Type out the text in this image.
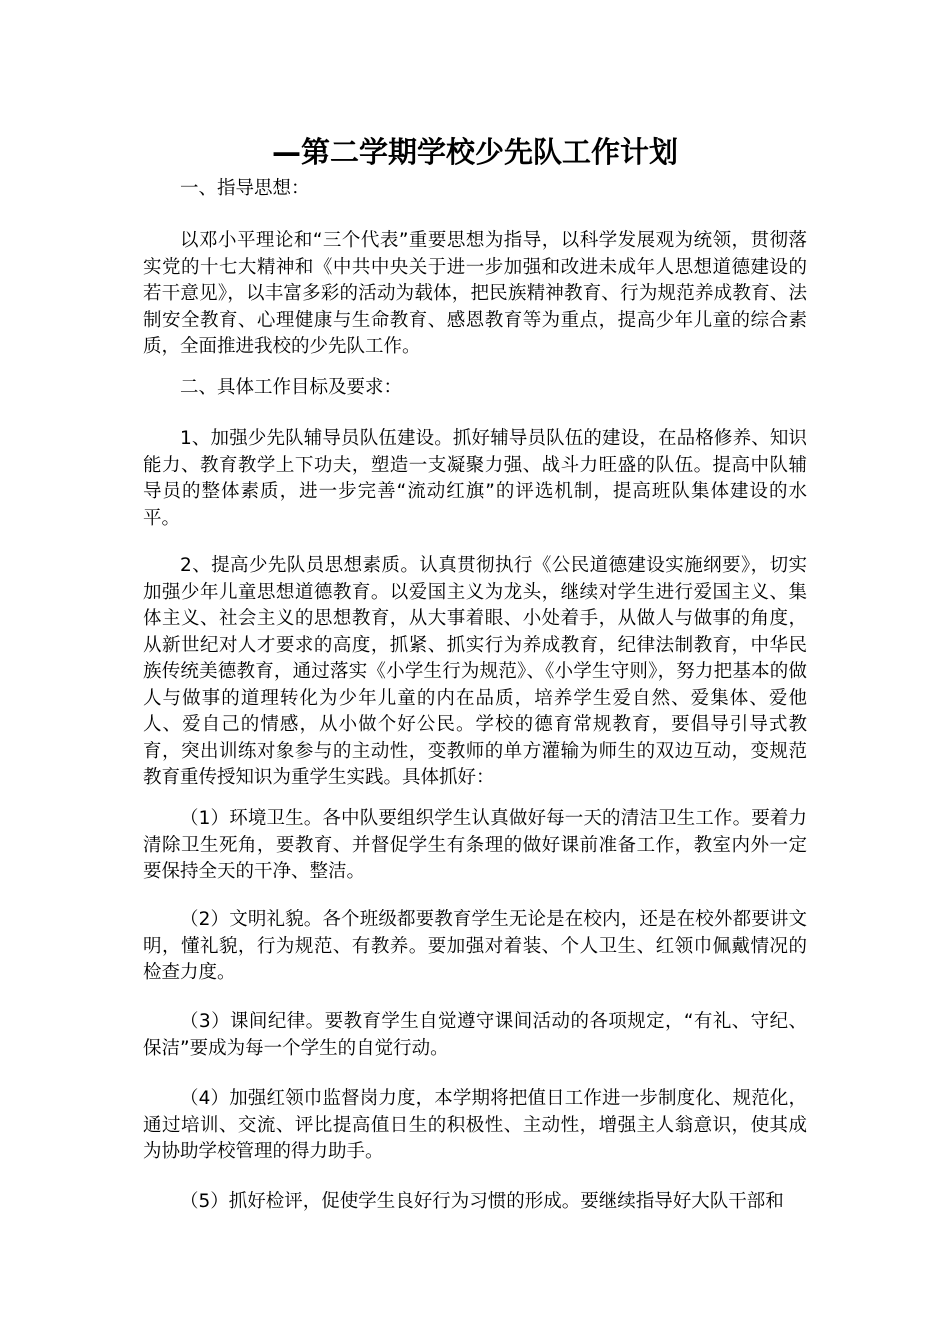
—第二学期学校少先队工作计划

一、指导思想：

以邓小平理论和“三个代表”重要思想为指导，以科学发展观为统领，贯彻落实党的十七大精神和《中共中央关于进一步加强和改进未成年人思想道德建设的若干意见》，以丰富多彩的活动为载体，把民族精神教育、行为规范养成教育、法制安全教育、心理健康与生命教育、感恩教育等为重点，提高少年儿童的综合素质，全面推进我校的少先队工作。

二、具体工作目标及要求：

1、加强少先队辅导员队伍建设。抓好辅导员队伍的建设，在品格修养、知识能力、教育教学上下功夫，塑造一支凝聚力强、战斗力旺盛的队伍。提高中队辅导员的整体素质，进一步完善“流动红旗”的评选机制，提高班队集体建设的水平。

2、提高少先队员思想素质。认真贯彻执行《公民道德建设实施纲要》，切实加强少年儿童思想道德教育。以爱国主义为龙头，继续对学生进行爱国主义、集体主义、社会主义的思想教育，从大事着眼、小处着手，从做人与做事的角度，从新世纪对人才要求的高度，抓紧、抓实行为养成教育，纪律法制教育，中华民族传统美德教育，通过落实《小学生行为规范》、《小学生守则》，努力把基本的做人与做事的道理转化为少年儿童的内在品质，培养学生爱自然、爱集体、爱他人、爱自己的情感，从小做个好公民。学校的德育常规教育，要倡导引导式教育，突出训练对象参与的主动性，变教师的单方灌输为师生的双边互动，变规范教育重传授知识为重学生实践。具体抓好：

（1）环境卫生。各中队要组织学生认真做好每一天的清洁卫生工作。要着力清除卫生死角，要教育、并督促学生有条理的做好课前准备工作，教室内外一定要保持全天的干净、整洁。

（2）文明礼貌。各个班级都要教育学生无论是在校内，还是在校外都要讲文明，懂礼貌，行为规范、有教养。要加强对着装、个人卫生、红领巾佩戴情况的检查力度。

（3）课间纪律。要教育学生自觉遵守课间活动的各项规定，“有礼、守纪、保洁”要成为每一个学生的自觉行动。

（4）加强红领巾监督岗力度，本学期将把值日工作进一步制度化、规范化，通过培训、交流、评比提高值日生的积极性、主动性，增强主人翁意识，使其成为协助学校管理的得力助手。

（5）抓好检评，促使学生良好行为习惯的形成。要继续指导好大队干部和
